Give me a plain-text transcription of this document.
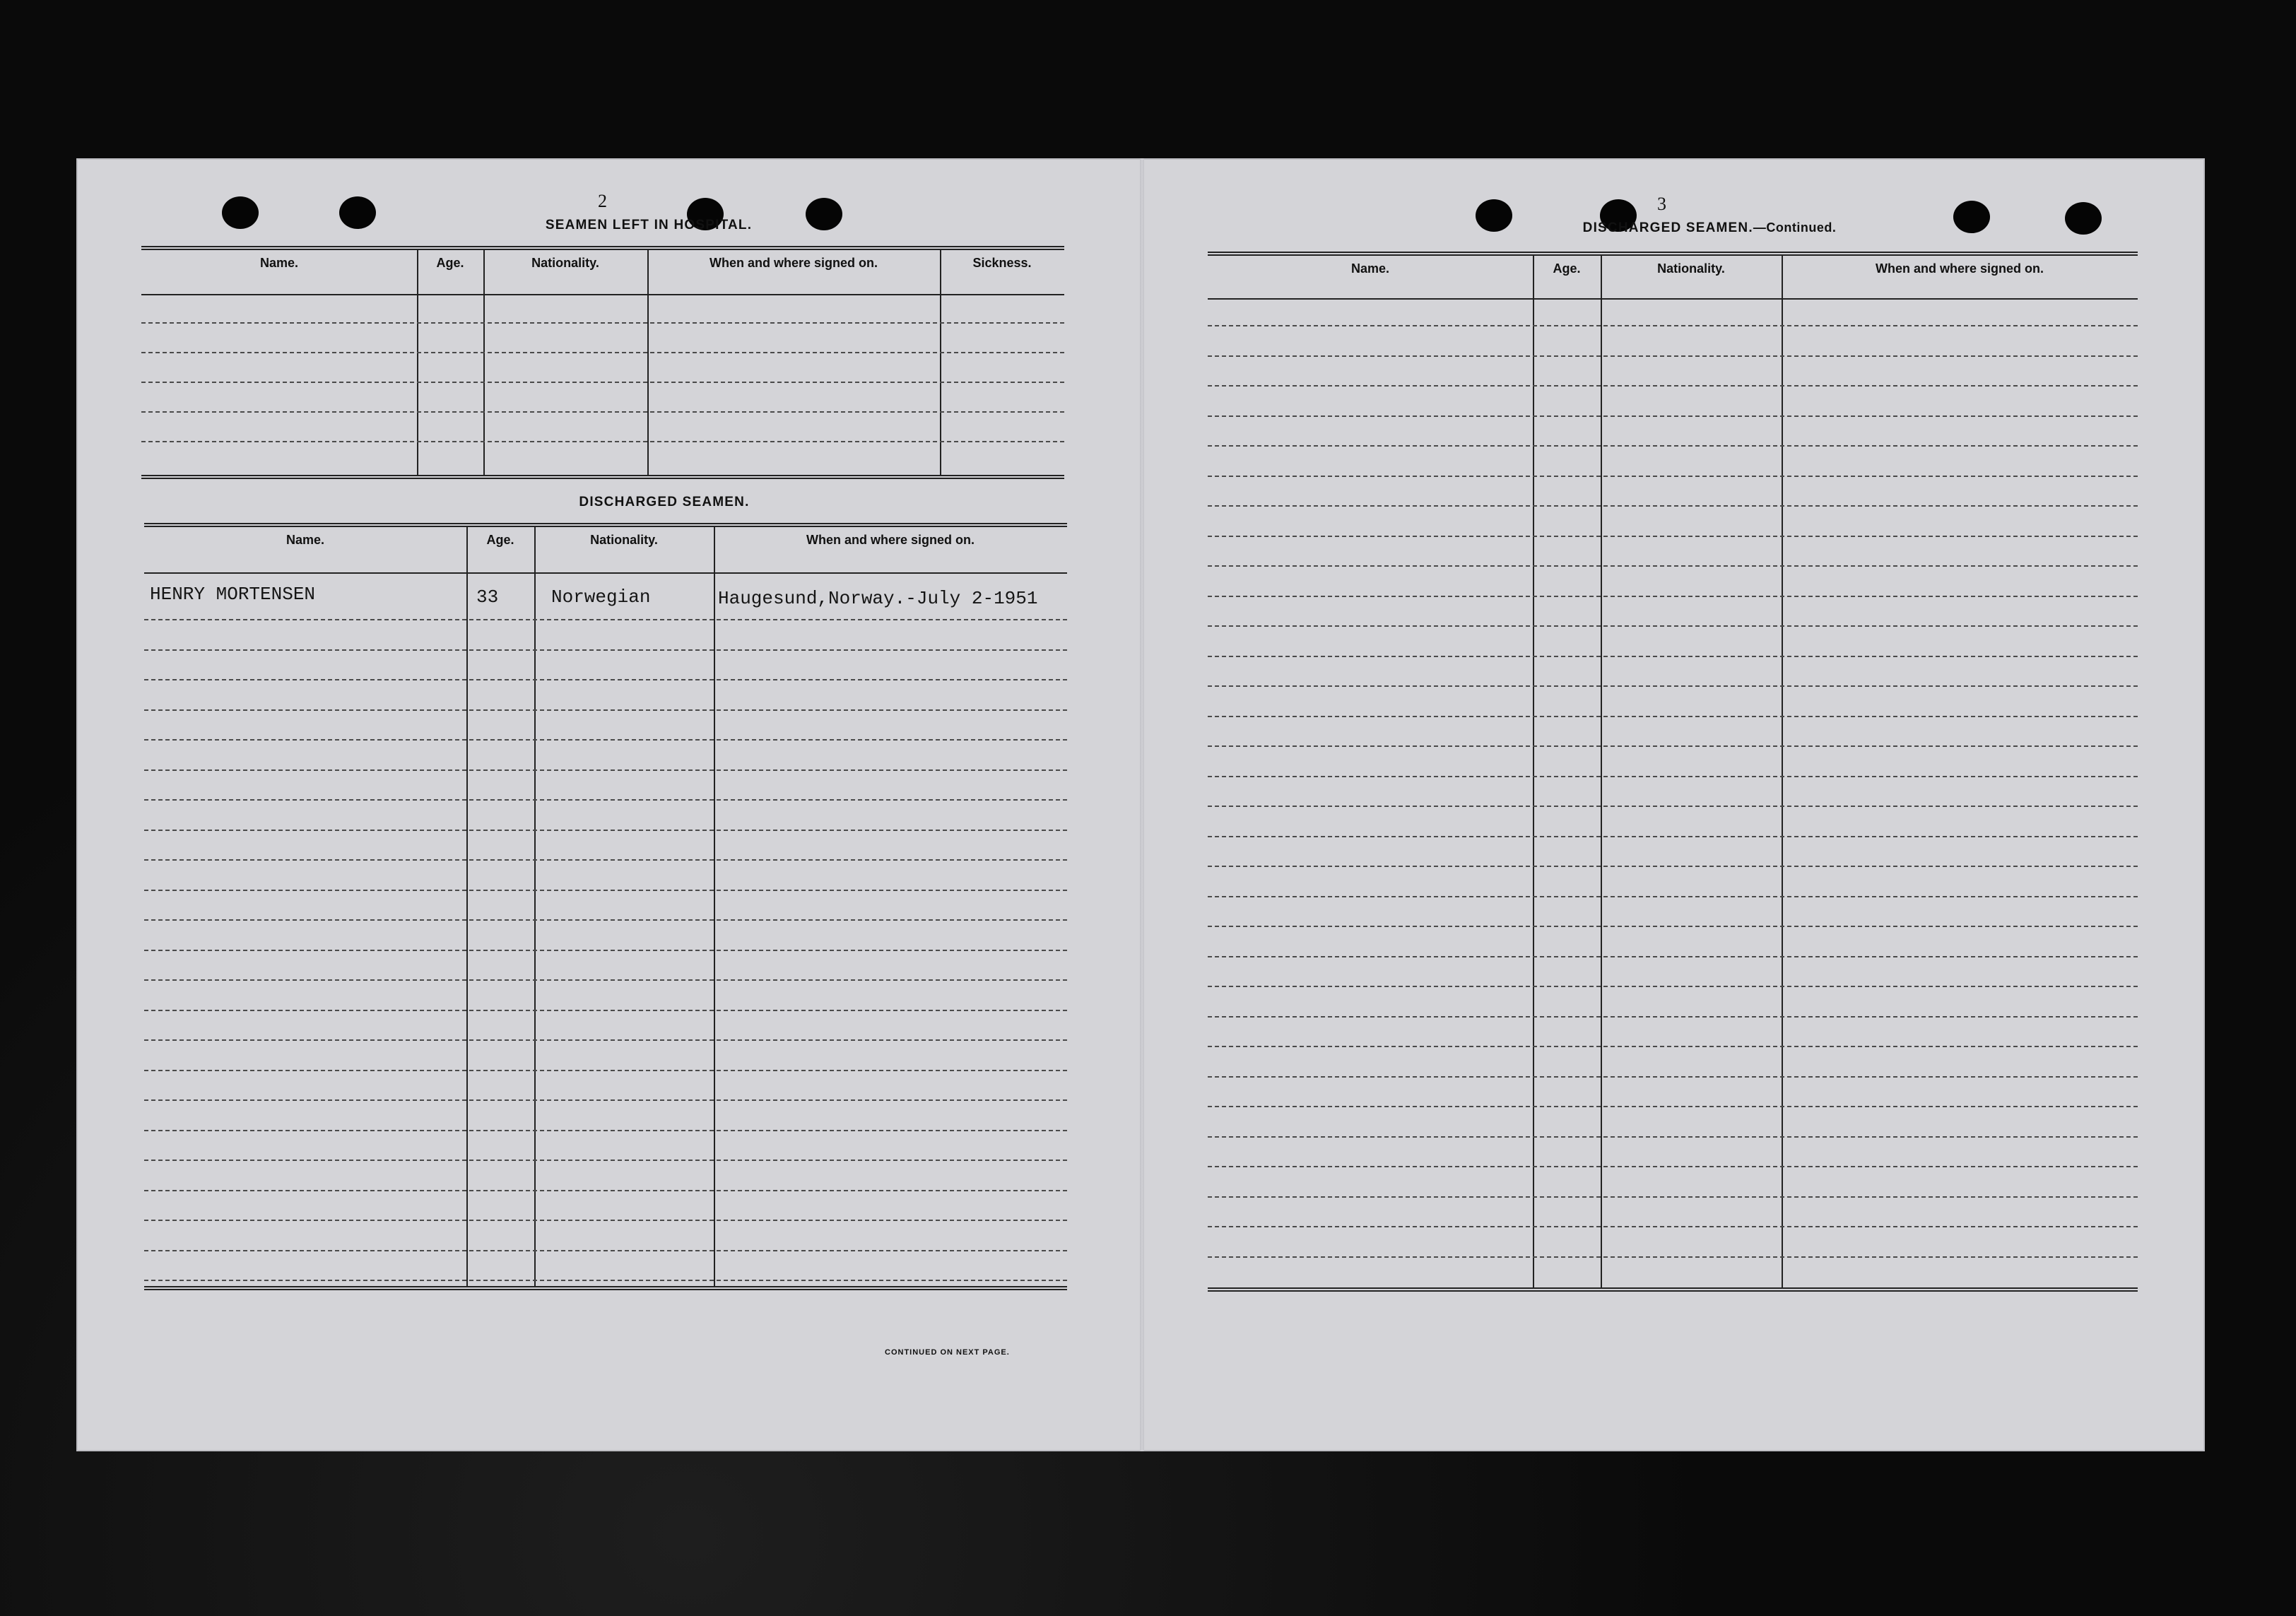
2
SEAMEN LEFT IN HOSPITAL.
Name.	Age.	Nationality.	When and where signed on.	Sickness.
DISCHARGED SEAMEN.
Name.	Age.	Nationality.	When and where signed on.
HENRY MORTENSEN	33	Norwegian	Haugesund,Norway.-July 2-1951
CONTINUED ON NEXT PAGE.
3
DISCHARGED SEAMEN.—Continued.
Name.	Age.	Nationality.	When and where signed on.
